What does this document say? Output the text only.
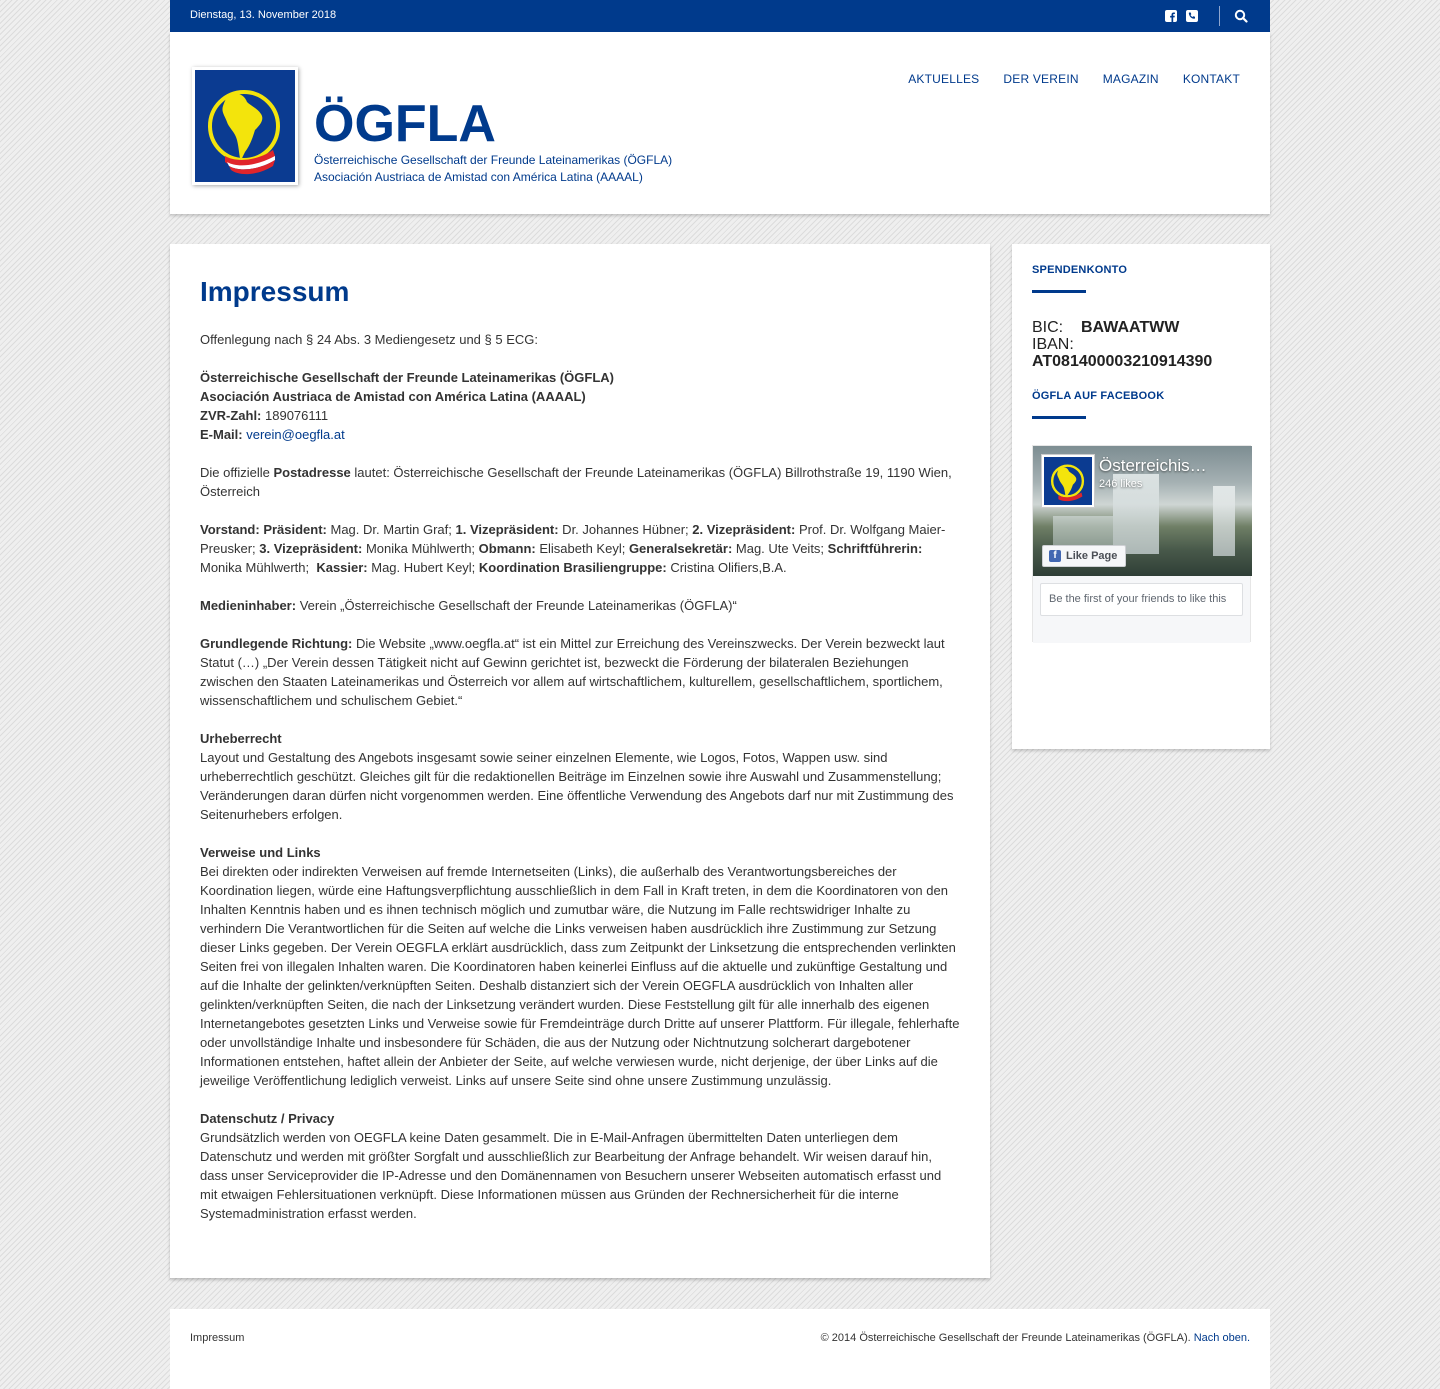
Dienstag, 13. November 2018
ÖGFLA
Österreichische Gesellschaft der Freunde Lateinamerikas (ÖGFLA)
Asociación Austriaca de Amistad con América Latina (AAAAL)
AKTUELLES DER VEREIN MAGAZIN KONTAKT
Impressum

Offenlegung nach § 24 Abs. 3 Mediengesetz und § 5 ECG:

Österreichische Gesellschaft der Freunde Lateinamerikas (ÖGFLA)
Asociación Austriaca de Amistad con América Latina (AAAAL)
ZVR-Zahl: 189076111
E-Mail: verein@oegfla.at

Die offizielle Postadresse lautet: Österreichische Gesellschaft der Freunde Lateinamerikas (ÖGFLA) Billrothstraße 19, 1190 Wien, Österreich

Vorstand: Präsident: Mag. Dr. Martin Graf; 1. Vizepräsident: Dr. Johannes Hübner; 2. Vizepräsident: Prof. Dr. Wolfgang Maier-Preusker; 3. Vizepräsident: Monika Mühlwerth; Obmann: Elisabeth Keyl; Generalsekretär: Mag. Ute Veits; Schriftführerin: Monika Mühlwerth;  Kassier: Mag. Hubert Keyl; Koordination Brasiliengruppe: Cristina Olifiers,B.A.

Medieninhaber: Verein „Österreichische Gesellschaft der Freunde Lateinamerikas (ÖGFLA)“

Grundlegende Richtung: Die Website „www.oegfla.at“ ist ein Mittel zur Erreichung des Vereinszwecks. Der Verein bezweckt laut Statut (…) „Der Verein dessen Tätigkeit nicht auf Gewinn gerichtet ist, bezweckt die Förderung der bilateralen Beziehungen zwischen den Staaten Lateinamerikas und Österreich vor allem auf wirtschaftlichem, kulturellem, gesellschaftlichem, sportlichem, wissenschaftlichem und schulischem Gebiet.“

Urheberrecht
Layout und Gestaltung des Angebots insgesamt sowie seiner einzelnen Elemente, wie Logos, Fotos, Wappen usw. sind urheberrechtlich geschützt. Gleiches gilt für die redaktionellen Beiträge im Einzelnen sowie ihre Auswahl und Zusammenstellung; Veränderungen daran dürfen nicht vorgenommen werden. Eine öffentliche Verwendung des Angebots darf nur mit Zustimmung des Seitenurhebers erfolgen.

Verweise und Links
Bei direkten oder indirekten Verweisen auf fremde Internetseiten (Links), die außerhalb des Verantwortungsbereiches der Koordination liegen, würde eine Haftungsverpflichtung ausschließlich in dem Fall in Kraft treten, in dem die Koordinatoren von den Inhalten Kenntnis haben und es ihnen technisch möglich und zumutbar wäre, die Nutzung im Falle rechtswidriger Inhalte zu verhindern Die Verantwortlichen für die Seiten auf welche die Links verweisen haben ausdrücklich ihre Zustimmung zur Setzung dieser Links gegeben. Der Verein OEGFLA erklärt ausdrücklich, dass zum Zeitpunkt der Linksetzung die entsprechenden verlinkten Seiten frei von illegalen Inhalten waren. Die Koordinatoren haben keinerlei Einfluss auf die aktuelle und zukünftige Gestaltung und auf die Inhalte der gelinkten/verknüpften Seiten. Deshalb distanziert sich der Verein OEGFLA ausdrücklich von Inhalten aller gelinkten/verknüpften Seiten, die nach der Linksetzung verändert wurden. Diese Feststellung gilt für alle innerhalb des eigenen Internetangebotes gesetzten Links und Verweise sowie für Fremdeinträge durch Dritte auf unserer Plattform. Für illegale, fehlerhafte oder unvollständige Inhalte und insbesondere für Schäden, die aus der Nutzung oder Nichtnutzung solcherart dargebotener Informationen entstehen, haftet allein der Anbieter der Seite, auf welche verwiesen wurde, nicht derjenige, der über Links auf die jeweilige Veröffentlichung lediglich verweist. Links auf unsere Seite sind ohne unsere Zustimmung unzulässig.

Datenschutz / Privacy
Grundsätzlich werden von OEGFLA keine Daten gesammelt. Die in E-Mail-Anfragen übermittelten Daten unterliegen dem Datenschutz und werden mit größter Sorgfalt und ausschließlich zur Bearbeitung der Anfrage behandelt. Wir weisen darauf hin, dass unser Serviceprovider die IP-Adresse und den Domänennamen von Besuchern unserer Webseiten automatisch erfasst und mit etwaigen Fehlersituationen verknüpft. Diese Informationen müssen aus Gründen der Rechnersicherheit für die interne Systemadministration erfasst werden.

SPENDENKONTO
BIC: BAWAATWW
IBAN:
AT081400003210914390
ÖGFLA AUF FACEBOOK
Österreichis…
246 likes
f Like Page
Be the first of your friends to like this
Impressum	© 2014 Österreichische Gesellschaft der Freunde Lateinamerikas (ÖGFLA). Nach oben.
